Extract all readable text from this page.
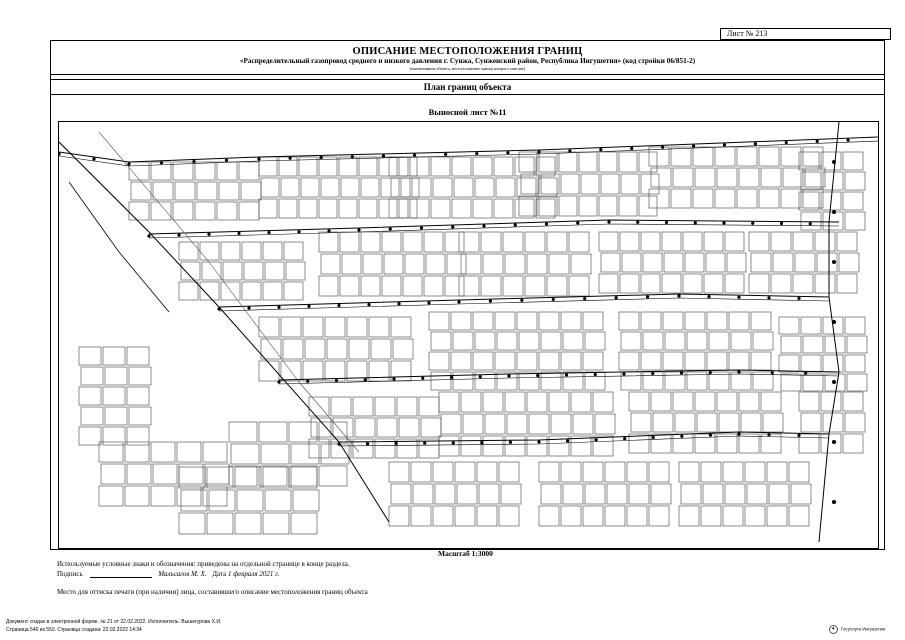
Лист № 213
ОПИСАНИЕ МЕСТОПОЛОЖЕНИЯ ГРАНИЦ
«Распределительный газопровод среднего и низкого давления г. Сунжа, Сунженский район, Республика Ингушетия» (код стройки 06/851-2)
(наименование объекта, местоположение границ которого описано)
План границ объекта
Выносной лист №11
Масштаб 1:3000
Используемые условные знаки и обозначения: приведены на отдельной странице в конце раздела.
Подпись	Мальсагов М. Х. Дата 1 февраля 2021 г.
Место для оттиска печати (при наличии) лица, составившего описание местоположения границ объекта
Документ создан в электронной форме. № 21 от 22.02.2022. Исполнитель: Вышегурова Х.И.
Страница 540 из 550. Страница создана: 22.02.2022 14:34	✦ Госуслуги Ингушетии
